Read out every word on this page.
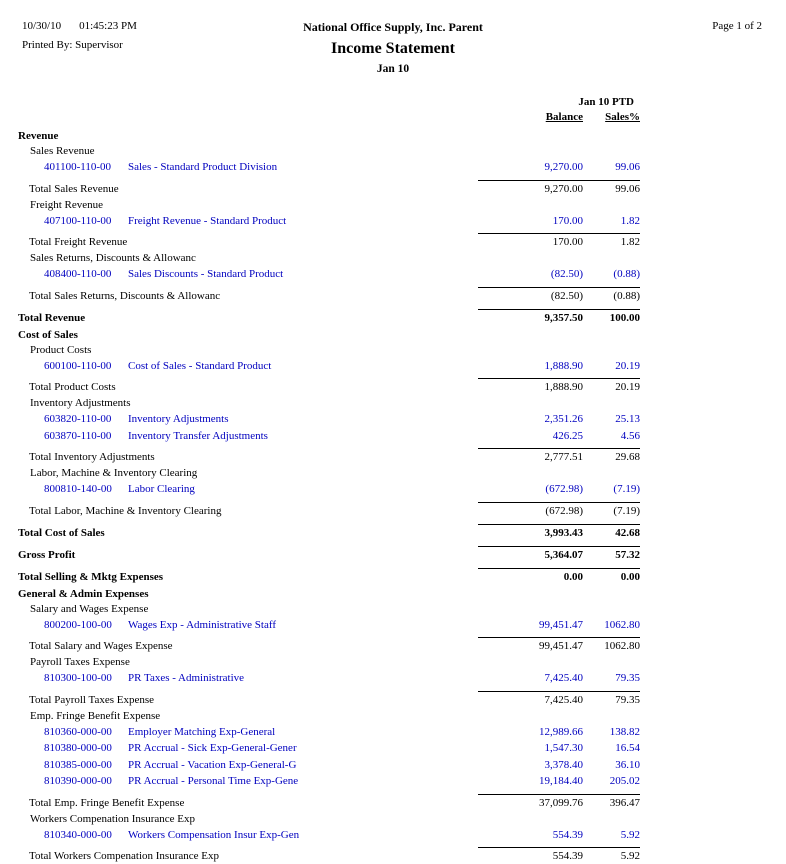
10/30/10 01:45:23 PM
Printed By: Supervisor
National Office Supply, Inc. Parent
Income Statement
Jan 10
Page 1 of 2
Jan 10 PTD
Balance	Sales%
Revenue
Sales Revenue
401100-110-00 Sales - Standard Product Division	9,270.00	99.06
Total Sales Revenue	9,270.00	99.06
Freight Revenue
407100-110-00 Freight Revenue - Standard Product	170.00	1.82
Total Freight Revenue	170.00	1.82
Sales Returns, Discounts & Allowanc
408400-110-00 Sales Discounts - Standard Product	(82.50)	(0.88)
Total Sales Returns, Discounts & Allowanc	(82.50)	(0.88)
Total Revenue	9,357.50	100.00
Cost of Sales
Product Costs
600100-110-00 Cost of Sales - Standard Product	1,888.90	20.19
Total Product Costs	1,888.90	20.19
Inventory Adjustments
603820-110-00 Inventory Adjustments	2,351.26	25.13
603870-110-00 Inventory Transfer Adjustments	426.25	4.56
Total Inventory Adjustments	2,777.51	29.68
Labor, Machine & Inventory Clearing
800810-140-00 Labor Clearing	(672.98)	(7.19)
Total Labor, Machine & Inventory Clearing	(672.98)	(7.19)
Total Cost of Sales	3,993.43	42.68
Gross Profit	5,364.07	57.32
Total Selling & Mktg Expenses	0.00	0.00
General & Admin Expenses
Salary and Wages Expense
800200-100-00 Wages Exp - Administrative Staff	99,451.47	1062.80
Total Salary and Wages Expense	99,451.47	1062.80
Payroll Taxes Expense
810300-100-00 PR Taxes - Administrative	7,425.40	79.35
Total Payroll Taxes Expense	7,425.40	79.35
Emp. Fringe Benefit Expense
810360-000-00 Employer Matching Exp-General	12,989.66	138.82
810380-000-00 PR Accrual - Sick Exp-General-Gener	1,547.30	16.54
810385-000-00 PR Accrual - Vacation Exp-General-G	3,378.40	36.10
810390-000-00 PR Accrual - Personal Time Exp-Gene	19,184.40	205.02
Total Emp. Fringe Benefit Expense	37,099.76	396.47
Workers Compenation Insurance Exp
810340-000-00 Workers Compensation Insur Exp-Gen	554.39	5.92
Total Workers Compenation Insurance Exp	554.39	5.92
